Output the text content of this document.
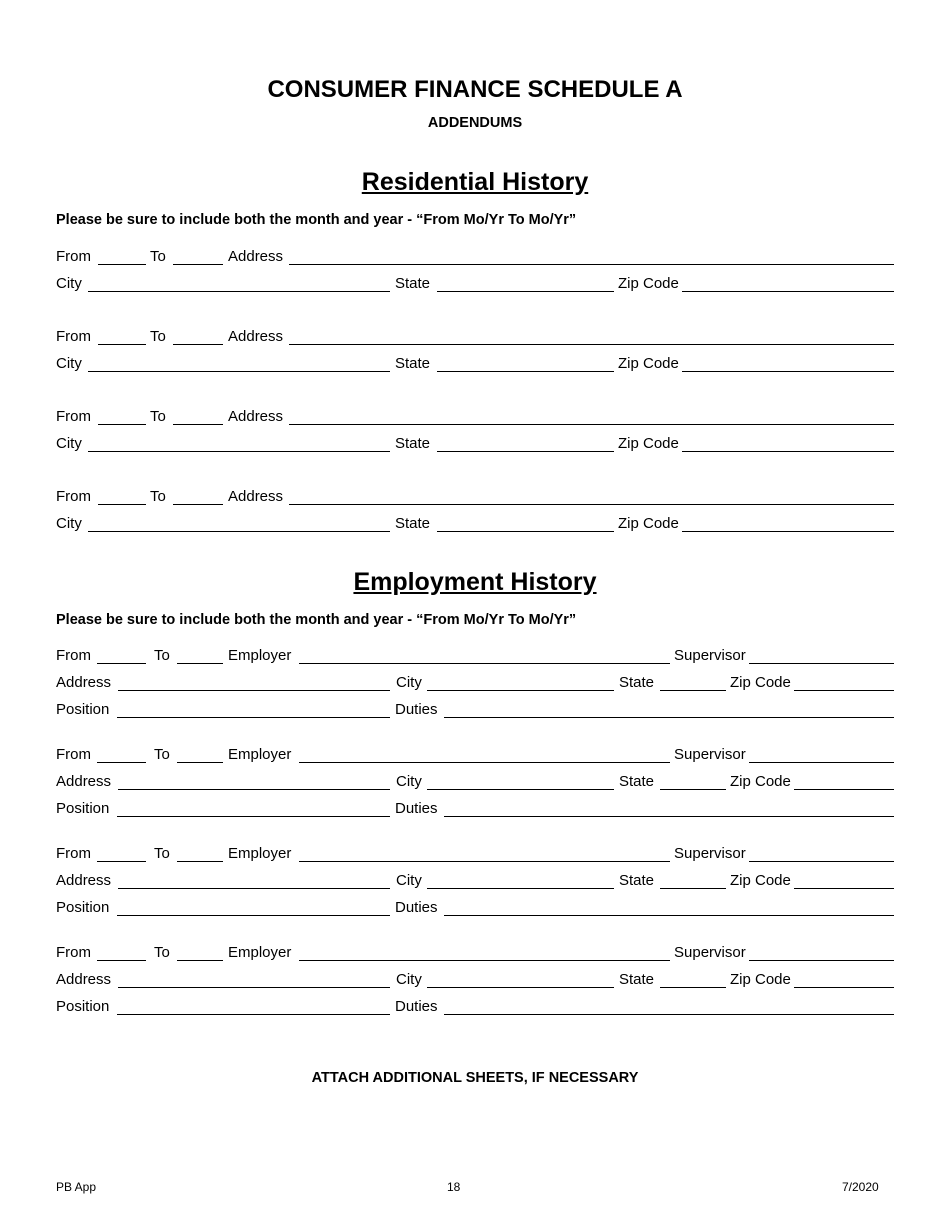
CONSUMER FINANCE SCHEDULE A
ADDENDUMS
Residential History
Please be sure to include both the month and year - “From Mo/Yr To Mo/Yr”
From	To	Address
City	State	Zip Code
From	To	Address
City	State	Zip Code
From	To	Address
City	State	Zip Code
From	To	Address
City	State	Zip Code
Employment History
Please be sure to include both the month and year - “From Mo/Yr To Mo/Yr”
From	To	Employer	Supervisor
Address	City	State	Zip Code
Position	Duties
From	To	Employer	Supervisor
Address	City	State	Zip Code
Position	Duties
From	To	Employer	Supervisor
Address	City	State	Zip Code
Position	Duties
From	To	Employer	Supervisor
Address	City	State	Zip Code
Position	Duties
ATTACH ADDITIONAL SHEETS, IF NECESSARY
PB App	18	7/2020
